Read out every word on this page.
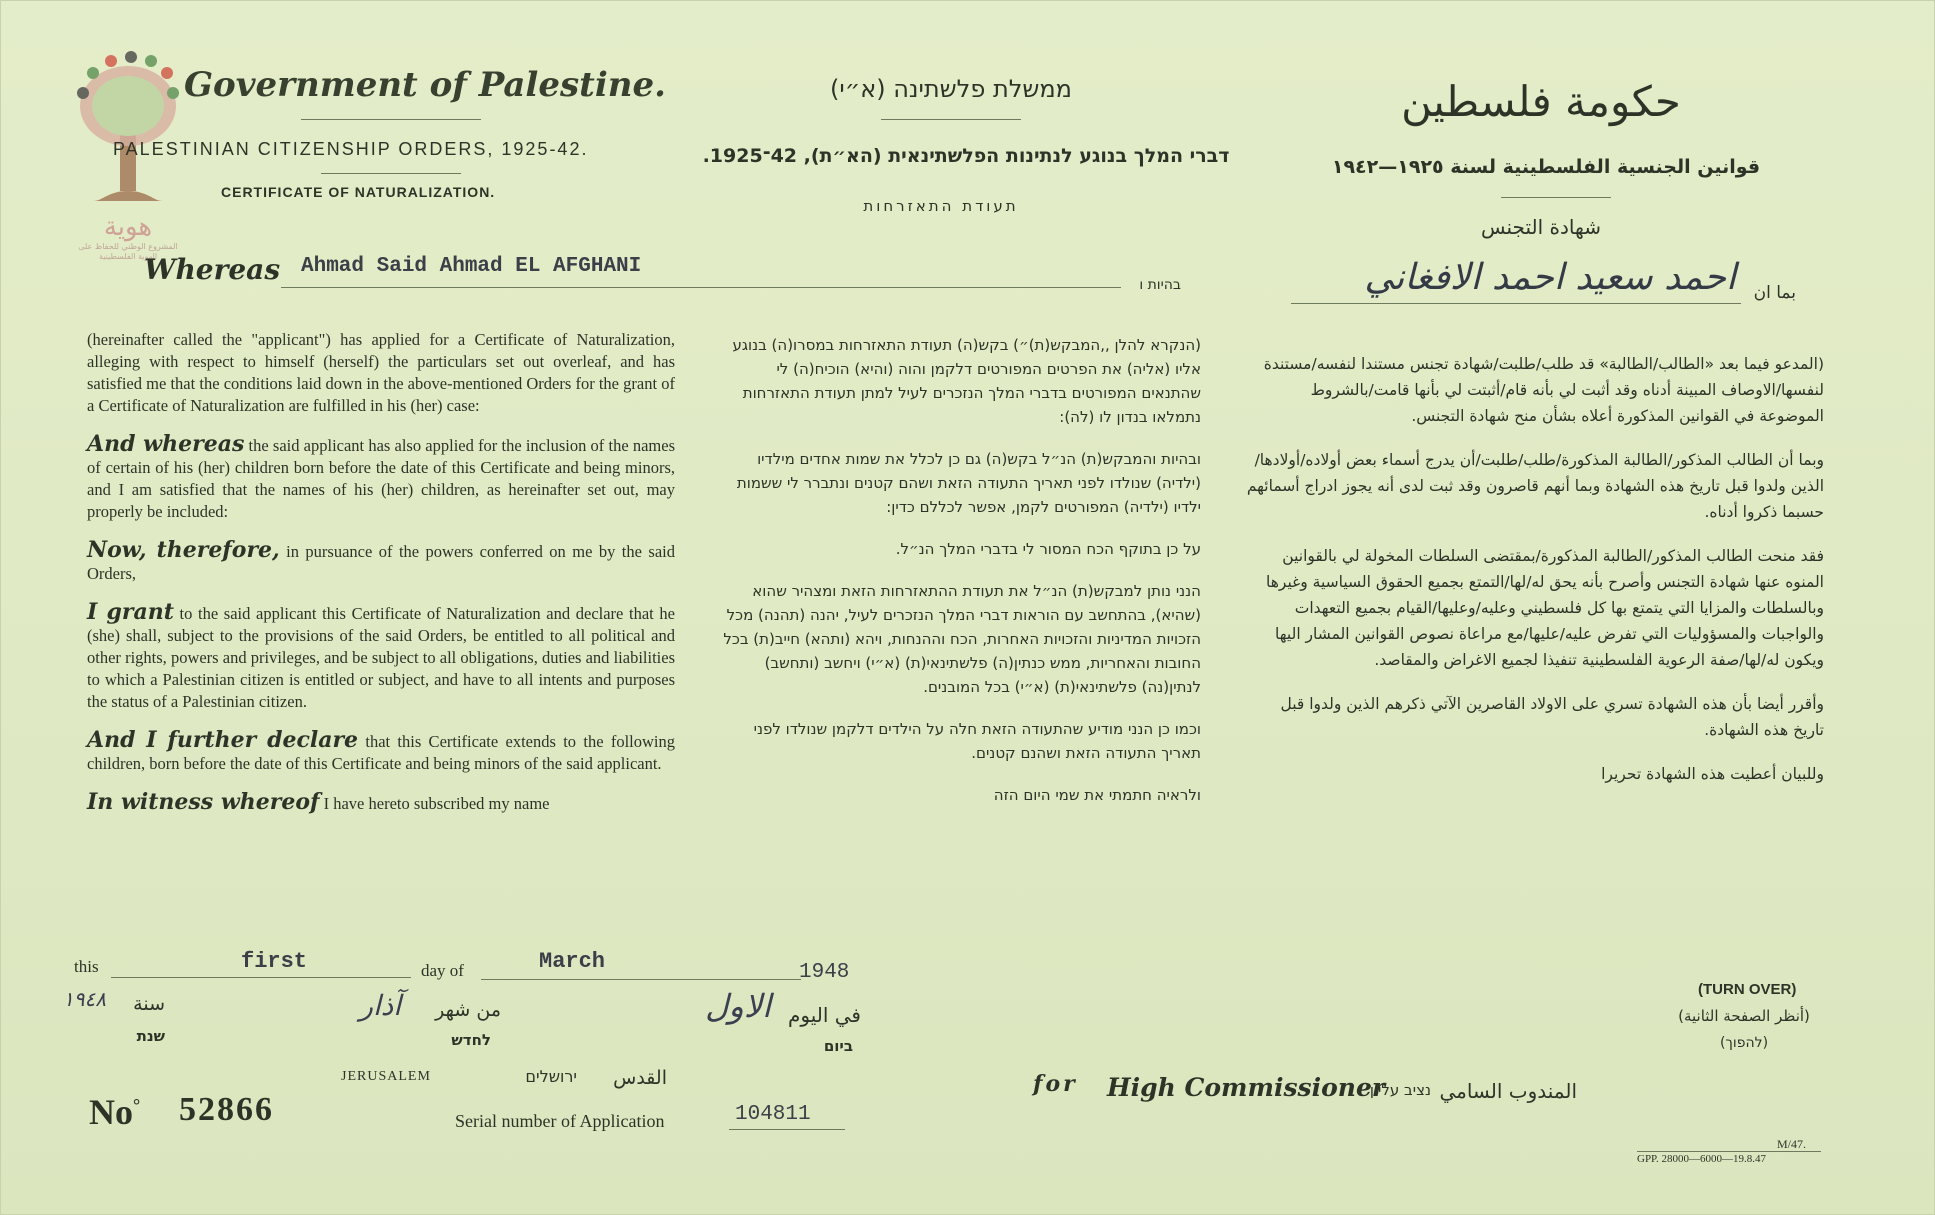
هوية
المشروع الوطني للحفاظ على الهوية الفلسطينية
Government of Palestine.
PALESTINIAN CITIZENSHIP ORDERS, 1925-42.
CERTIFICATE OF NATURALIZATION.
ממשלת פלשתינה (א״י)
דברי המלך בנוגע לנתינות הפלשתינאית (הא״ת), 42־1925.
תעודת התאזרחות
حكومة فلسطين
قوانين الجنسية الفلسطينية لسنة ١٩٢٥—١٩٤٢
شهادة التجنس
Whereas Ahmad Said Ahmad EL AFGHANI
בהיות ו	بما ان
احمد سعيد احمد الافغاني

(hereinafter called the "applicant") has applied for a Certificate of Naturalization, alleging with respect to himself (herself) the particulars set out overleaf, and has satisfied me that the conditions laid down in the above-mentioned Orders for the grant of a Certificate of Naturalization are fulfilled in his (her) case:

And whereas the said applicant has also applied for the inclusion of the names of certain of his (her) children born before the date of this Certificate and being minors, and I am satisfied that the names of his (her) children, as hereinafter set out, may properly be included:

Now, therefore, in pursuance of the powers conferred on me by the said Orders,

I grant to the said applicant this Certificate of Naturalization and declare that he (she) shall, subject to the provisions of the said Orders, be entitled to all political and other rights, powers and privileges, and be subject to all obligations, duties and liabilities to which a Palestinian citizen is entitled or subject, and have to all intents and purposes the status of a Palestinian citizen.

And I further declare that this Certificate extends to the following children, born before the date of this Certificate and being minors of the said applicant.

In witness whereof I have hereto subscribed my name

(הנקרא להלן ,,המבקש(ת)״) בקש(ה) תעודת התאזרחות במסרו(ה) בנוגע אליו (אליה) את הפרטים המפורטים דלקמן והוה (והיא) הוכיח(ה) לי שהתנאים המפורטים בדברי המלך הנזכרים לעיל למתן תעודת התאזרחות נתמלאו בנדון לו (לה):

ובהיות והמבקש(ת) הנ״ל בקש(ה) גם כן לכלל את שמות אחדים מילדיו (ילדיה) שנולדו לפני תאריך התעודה הזאת ושהם קטנים ונתברר לי ששמות ילדיו (ילדיה) המפורטים לקמן, אפשר לכללם כדין:

על כן בתוקף הכח המסור לי בדברי המלך הנ״ל.

הנני נותן למבקש(ת) הנ״ל את תעודת ההתאזרחות הזאת ומצהיר שהוא (שהיא), בהתחשב עם הוראות דברי המלך הנזכרים לעיל, יהנה (תהנה) מכל הזכויות המדיניות והזכויות האחרות, הכח וההנחות, ויהא (ותהא) חייב(ת) בכל החובות והאחריות, ממש כנתין(ה) פלשתינאי(ת) (א״י) ויחשב (ותחשב) לנתין(נה) פלשתינאי(ת) (א״י) בכל המובנים.

וכמו כן הנני מודיע שהתעודה הזאת חלה על הילדים דלקמן שנולדו לפני תאריך התעודה הזאת ושהנם קטנים.

ולראיה חתמתי את שמי היום הזה

(المدعو فيما بعد «الطالب/الطالبة» قد طلب/طلبت/شهادة تجنس مستندا لنفسه/مستندة لنفسها/الاوصاف المبينة أدناه وقد أثبت لي بأنه قام/أثبتت لي بأنها قامت/بالشروط الموضوعة في القوانين المذكورة أعلاه بشأن منح شهادة التجنس.

وبما أن الطالب المذكور/الطالبة المذكورة/طلب/طلبت/أن يدرج أسماء بعض أولاده/أولادها/ الذين ولدوا قبل تاريخ هذه الشهادة وبما أنهم قاصرون وقد ثبت لدى أنه يجوز ادراج أسمائهم حسبما ذكروا أدناه.

فقد منحت الطالب المذكور/الطالبة المذكورة/بمقتضى السلطات المخولة لي بالقوانين المنوه عنها شهادة التجنس وأصرح بأنه يحق له/لها/التمتع بجميع الحقوق السياسية وغيرها وبالسلطات والمزايا التي يتمتع بها كل فلسطيني وعليه/وعليها/القيام بجميع التعهدات والواجبات والمسؤوليات التي تفرض عليه/عليها/مع مراعاة نصوص القوانين المشار اليها ويكون له/لها/صفة الرعوية الفلسطينية تنفيذا لجميع الاغراض والمقاصد.

وأقرر أيضا بأن هذه الشهادة تسري على الاولاد القاصرين الآتي ذكرهم الذين ولدوا قبل تاريخ هذه الشهادة.

وللبيان أعطيت هذه الشهادة تحريرا

this	first	day of	March	1948
١٩٤٨	سنة
שנת
آذار	من شهر
לחדש
الاول في اليوم
ביום
JERUSALEM	ירושלים	القدس	for High Commissioner
נציב עליון المندوب السامي
No° 52866	Serial number of Application	104811
(TURN OVER)
(أنظر الصفحة الثانية)
(להפוך)
M/47.
GPP. 28000—6000—19.8.47
